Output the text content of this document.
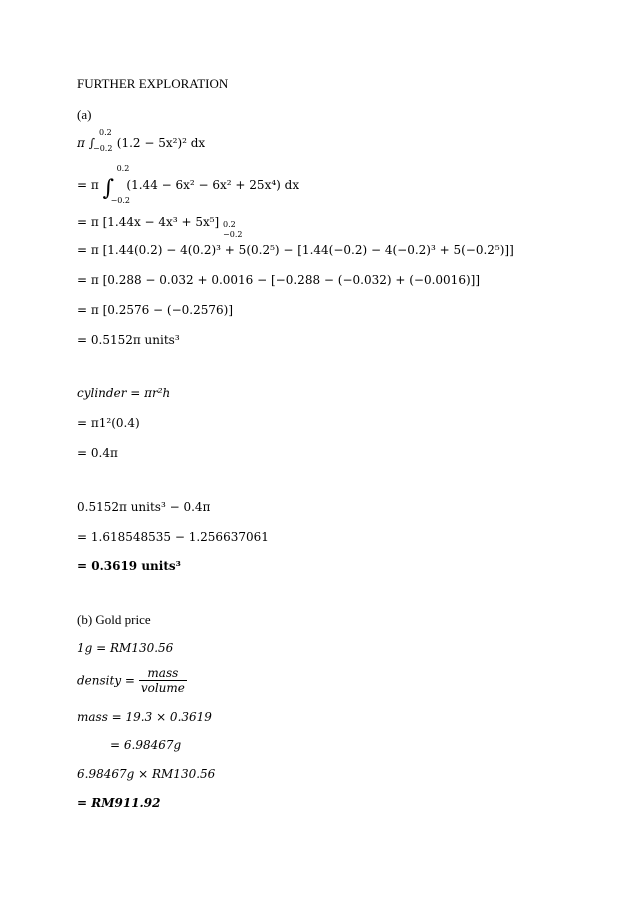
FURTHER EXPLORATION
(a)
π ∫
0.2
−0.2 (1.2 − 5x²)² dx
= π ∫
0.2
−0.2
(1.44 − 6x² − 6x² + 25x⁴) dx
= π [1.44x − 4x³ + 5x⁵] 0.2
−0.2
= π [1.44(0.2) − 4(0.2)³ + 5(0.2⁵) − [1.44(−0.2) − 4(−0.2)³ + 5(−0.2⁵)]]
= π [0.288 − 0.032 + 0.0016 − [−0.288 − (−0.032) + (−0.0016)]]
= π [0.2576 − (−0.2576)]
= 0.5152π units³
cylinder = πr²h
= π1²(0.4)
= 0.4π
0.5152π units³ − 0.4π
= 1.618548535 − 1.256637061
= 0.3619 units³
(b) Gold price
1g = RM130.56
density = $\frac{\text{mass}}{\text{volume}}$
mass = 19.3 × 0.3619
= 6.98467g
6.98467g × RM130.56
= RM911.92
